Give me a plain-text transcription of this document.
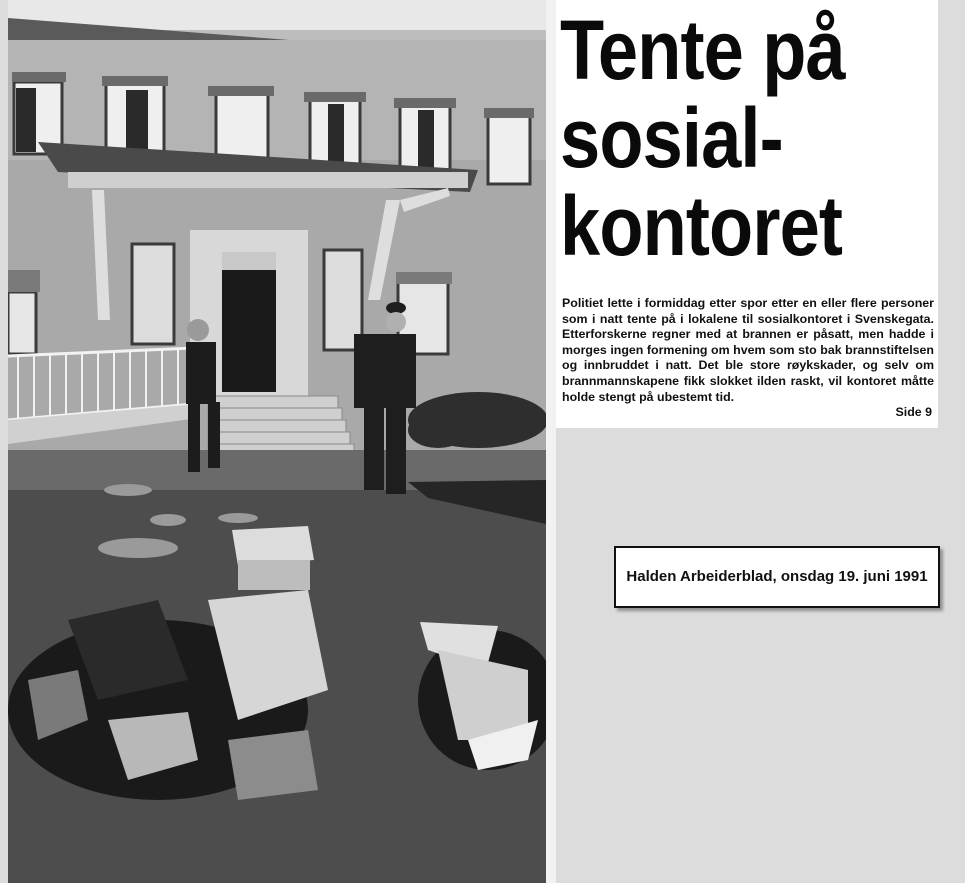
Tente på
sosial-
kontoret
Politiet lette i formiddag etter spor etter en eller flere personer som i natt tente på i lokalene til sosialkontoret i Svenskegata. Etterforskerne regner med at brannen er påsatt, men hadde i morges ingen formening om hvem som sto bak brannstiftelsen og innbruddet i natt. Det ble store røykskader, og selv om brannmannskapene fikk slokket ilden raskt, vil kontoret måtte holde stengt på ubestemt tid.
Side 9
Halden Arbeiderblad, onsdag 19. juni 1991
